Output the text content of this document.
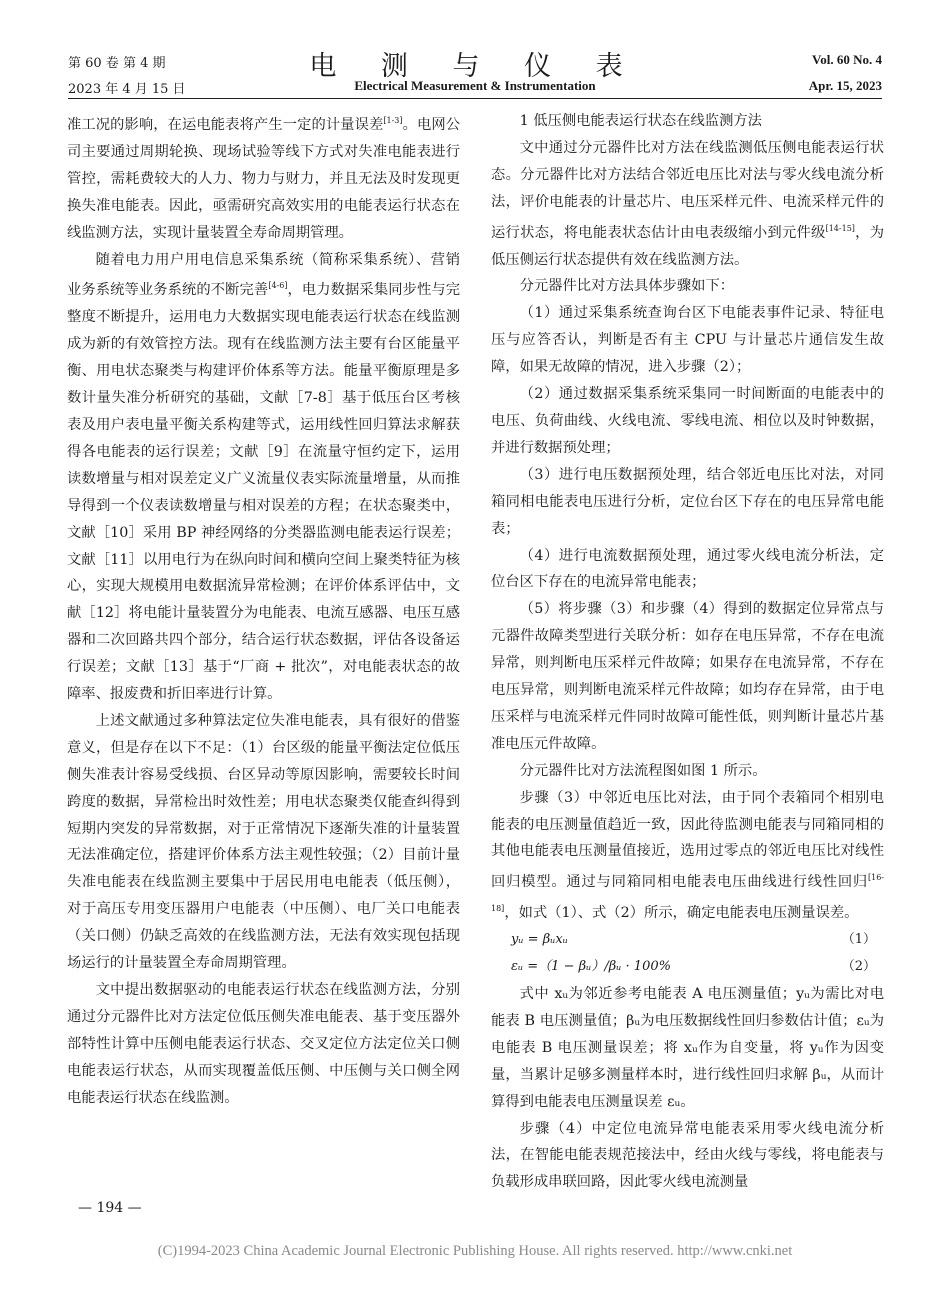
第 60 卷 第 4 期
2023 年 4 月 15 日
电 测 与 仪 表
Electrical Measurement & Instrumentation
Vol. 60 No. 4
Apr. 15, 2023

准工况的影响，在运电能表将产生一定的计量误差[1-3]。电网公司主要通过周期轮换、现场试验等线下方式对失准电能表进行管控，需耗费较大的人力、物力与财力，并且无法及时发现更换失准电能表。因此，亟需研究高效实用的电能表运行状态在线监测方法，实现计量装置全寿命周期管理。

随着电力用户用电信息采集系统（简称采集系统）、营销业务系统等业务系统的不断完善[4-6]，电力数据采集同步性与完整度不断提升，运用电力大数据实现电能表运行状态在线监测成为新的有效管控方法。现有在线监测方法主要有台区能量平衡、用电状态聚类与构建评价体系等方法。能量平衡原理是多数计量失准分析研究的基础，文献［7-8］基于低压台区考核表及用户表电量平衡关系构建等式，运用线性回归算法求解获得各电能表的运行误差；文献［9］在流量守恒约定下，运用读数增量与相对误差定义广义流量仪表实际流量增量，从而推导得到一个仪表读数增量与相对误差的方程；在状态聚类中，文献［10］采用 BP 神经网络的分类器监测电能表运行误差；文献［11］以用电行为在纵向时间和横向空间上聚类特征为核心，实现大规模用电数据流异常检测；在评价体系评估中，文献［12］将电能计量装置分为电能表、电流互感器、电压互感器和二次回路共四个部分，结合运行状态数据，评估各设备运行误差；文献［13］基于“厂商 + 批次”，对电能表状态的故障率、报废费和折旧率进行计算。

上述文献通过多种算法定位失准电能表，具有很好的借鉴意义，但是存在以下不足：（1）台区级的能量平衡法定位低压侧失准表计容易受线损、台区异动等原因影响，需要较长时间跨度的数据，异常检出时效性差；用电状态聚类仅能查纠得到短期内突发的异常数据，对于正常情况下逐渐失准的计量装置无法准确定位，搭建评价体系方法主观性较强；（2）目前计量失准电能表在线监测主要集中于居民用电电能表（低压侧），对于高压专用变压器用户电能表（中压侧）、电厂关口电能表（关口侧）仍缺乏高效的在线监测方法，无法有效实现包括现场运行的计量装置全寿命周期管理。

文中提出数据驱动的电能表运行状态在线监测方法，分别通过分元器件比对方法定位低压侧失准电能表、基于变压器外部特性计算中压侧电能表运行状态、交叉定位方法定位关口侧电能表运行状态，从而实现覆盖低压侧、中压侧与关口侧全网电能表运行状态在线监测。

1 低压侧电能表运行状态在线监测方法

文中通过分元器件比对方法在线监测低压侧电能表运行状态。分元器件比对方法结合邻近电压比对法与零火线电流分析法，评价电能表的计量芯片、电压采样元件、电流采样元件的运行状态，将电能表状态估计由电表级缩小到元件级[14-15]，为低压侧运行状态提供有效在线监测方法。

分元器件比对方法具体步骤如下：

（1）通过采集系统查询台区下电能表事件记录、特征电压与应答否认，判断是否有主 CPU 与计量芯片通信发生故障，如果无故障的情况，进入步骤（2）；

（2）通过数据采集系统采集同一时间断面的电能表中的电压、负荷曲线、火线电流、零线电流、相位以及时钟数据，并进行数据预处理；

（3）进行电压数据预处理，结合邻近电压比对法，对同箱同相电能表电压进行分析，定位台区下存在的电压异常电能表；

（4）进行电流数据预处理，通过零火线电流分析法，定位台区下存在的电流异常电能表；

（5）将步骤（3）和步骤（4）得到的数据定位异常点与元器件故障类型进行关联分析：如存在电压异常，不存在电流异常，则判断电压采样元件故障；如果存在电流异常，不存在电压异常，则判断电流采样元件故障；如均存在异常，由于电压采样与电流采样元件同时故障可能性低，则判断计量芯片基准电压元件故障。

分元器件比对方法流程图如图 1 所示。

步骤（3）中邻近电压比对法，由于同个表箱同个相别电能表的电压测量值趋近一致，因此待监测电能表与同箱同相的其他电能表电压测量值接近，选用过零点的邻近电压比对线性回归模型。通过与同箱同相电能表电压曲线进行线性回归[16-18]，如式（1）、式（2）所示，确定电能表电压测量误差。

yᵤ = βᵤxᵤ	（1）
εᵤ =（1 − βᵤ）/βᵤ · 100%	（2）

式中 xᵤ为邻近参考电能表 A 电压测量值；yᵤ为需比对电能表 B 电压测量值；βᵤ为电压数据线性回归参数估计值；εᵤ为电能表 B 电压测量误差；将 xᵤ作为自变量，将 yᵤ作为因变量，当累计足够多测量样本时，进行线性回归求解 βᵤ，从而计算得到电能表电压测量误差 εᵤ。

步骤（4）中定位电流异常电能表采用零火线电流分析法，在智能电能表规范接法中，经由火线与零线，将电能表与负载形成串联回路，因此零火线电流测量

— 194 —
(C)1994-2023 China Academic Journal Electronic Publishing House. All rights reserved. http://www.cnki.net
